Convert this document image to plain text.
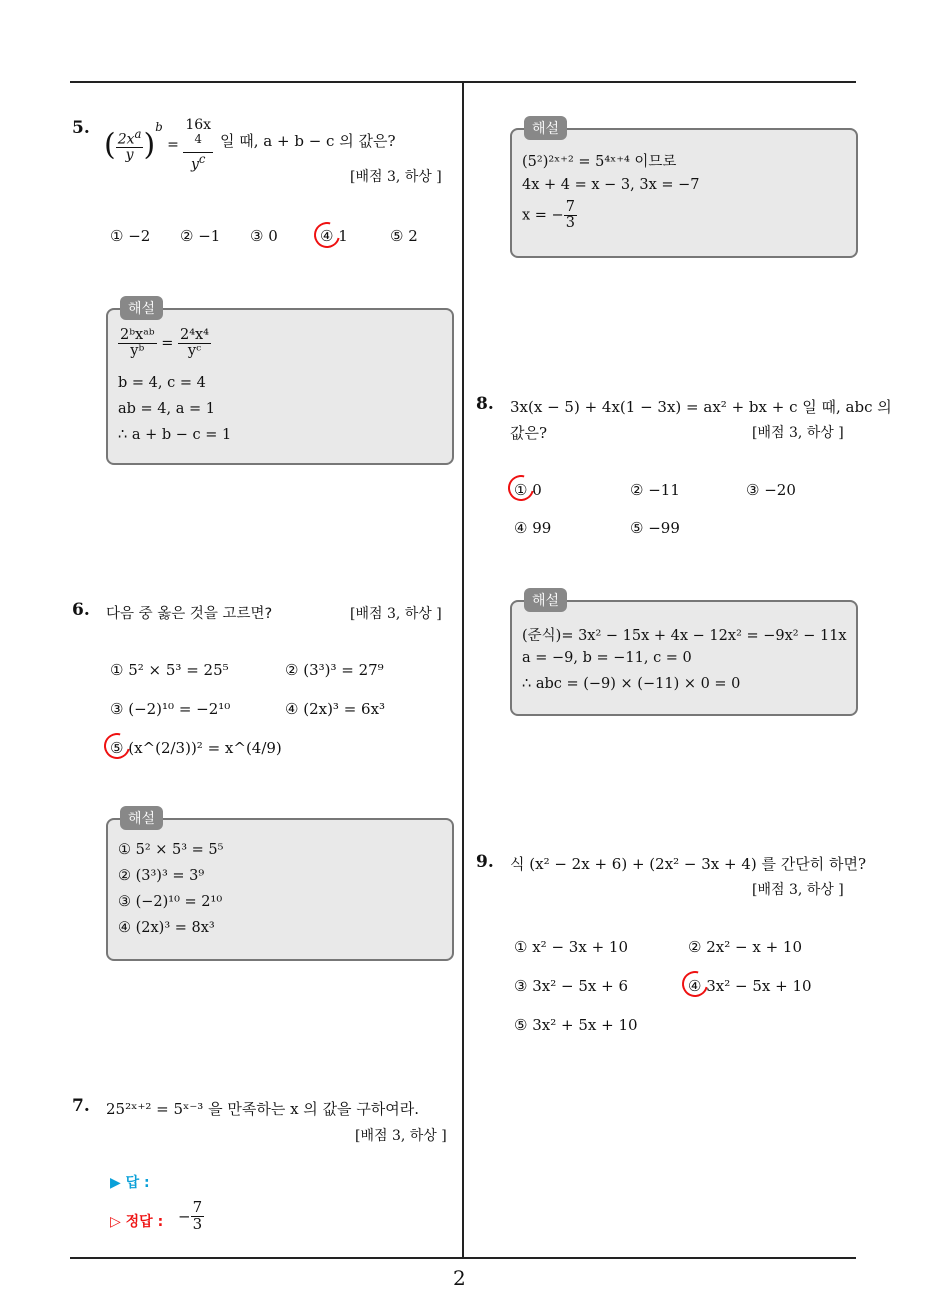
5. ( $\frac{2x^a}{y} )^b = 16x$
$^4$
$y^c$ 일 때, a + b − c 의 값은?
[배점 3, 하상 ]
① −2 ② −1 ③ 0	④ 1	⑤ 2
해설
$\frac{\text{2ᵇxᵃᵇ}}{\text{yᵇ}} = \frac{\text{2⁴x⁴}}{\text{yᶜ}}$
b = 4, c = 4
ab = 4, a = 1
∴ a + b − c = 1
6. 다음 중 옳은 것을 고르면?	[배점 3, 하상 ]
① 5² × 5³ = 25⁵	② (3³)³ = 27⁹
③ (−2)¹⁰ = −2¹⁰	④ (2x)³ = 6x³
⑤ (x^(2/3))² = x^(4/9)
해설
① 5² × 5³ = 5⁵
② (3³)³ = 3⁹
③ (−2)¹⁰ = 2¹⁰
④ (2x)³ = 8x³
7. 25²ˣ⁺² = 5ˣ⁻³ 을 만족하는 x 의 값을 구하여라.
[배점 3, 하상 ]
▶ 답 :
▷ 정답 : − $\frac{7}{3}$
해설
(5²)²ˣ⁺² = 5⁴ˣ⁺⁴ 이므로
4x + 4 = x − 3, 3x = −7
x = − $\frac{7}{3}$
8. 3x(x − 5) + 4x(1 − 3x) = ax² + bx + c 일 때, abc 의
값은?	[배점 3, 하상 ]
① 0	② −11	③ −20
④ 99	⑤ −99
해설
(준식)= 3x² − 15x + 4x − 12x² = −9x² − 11x
a = −9, b = −11, c = 0
∴ abc = (−9) × (−11) × 0 = 0
9. 식 (x² − 2x + 6) + (2x² − 3x + 4) 를 간단히 하면?
[배점 3, 하상 ]
① x² − 3x + 10	② 2x² − x + 10
③ 3x² − 5x + 6	④ 3x² − 5x + 10
⑤ 3x² + 5x + 10
2
